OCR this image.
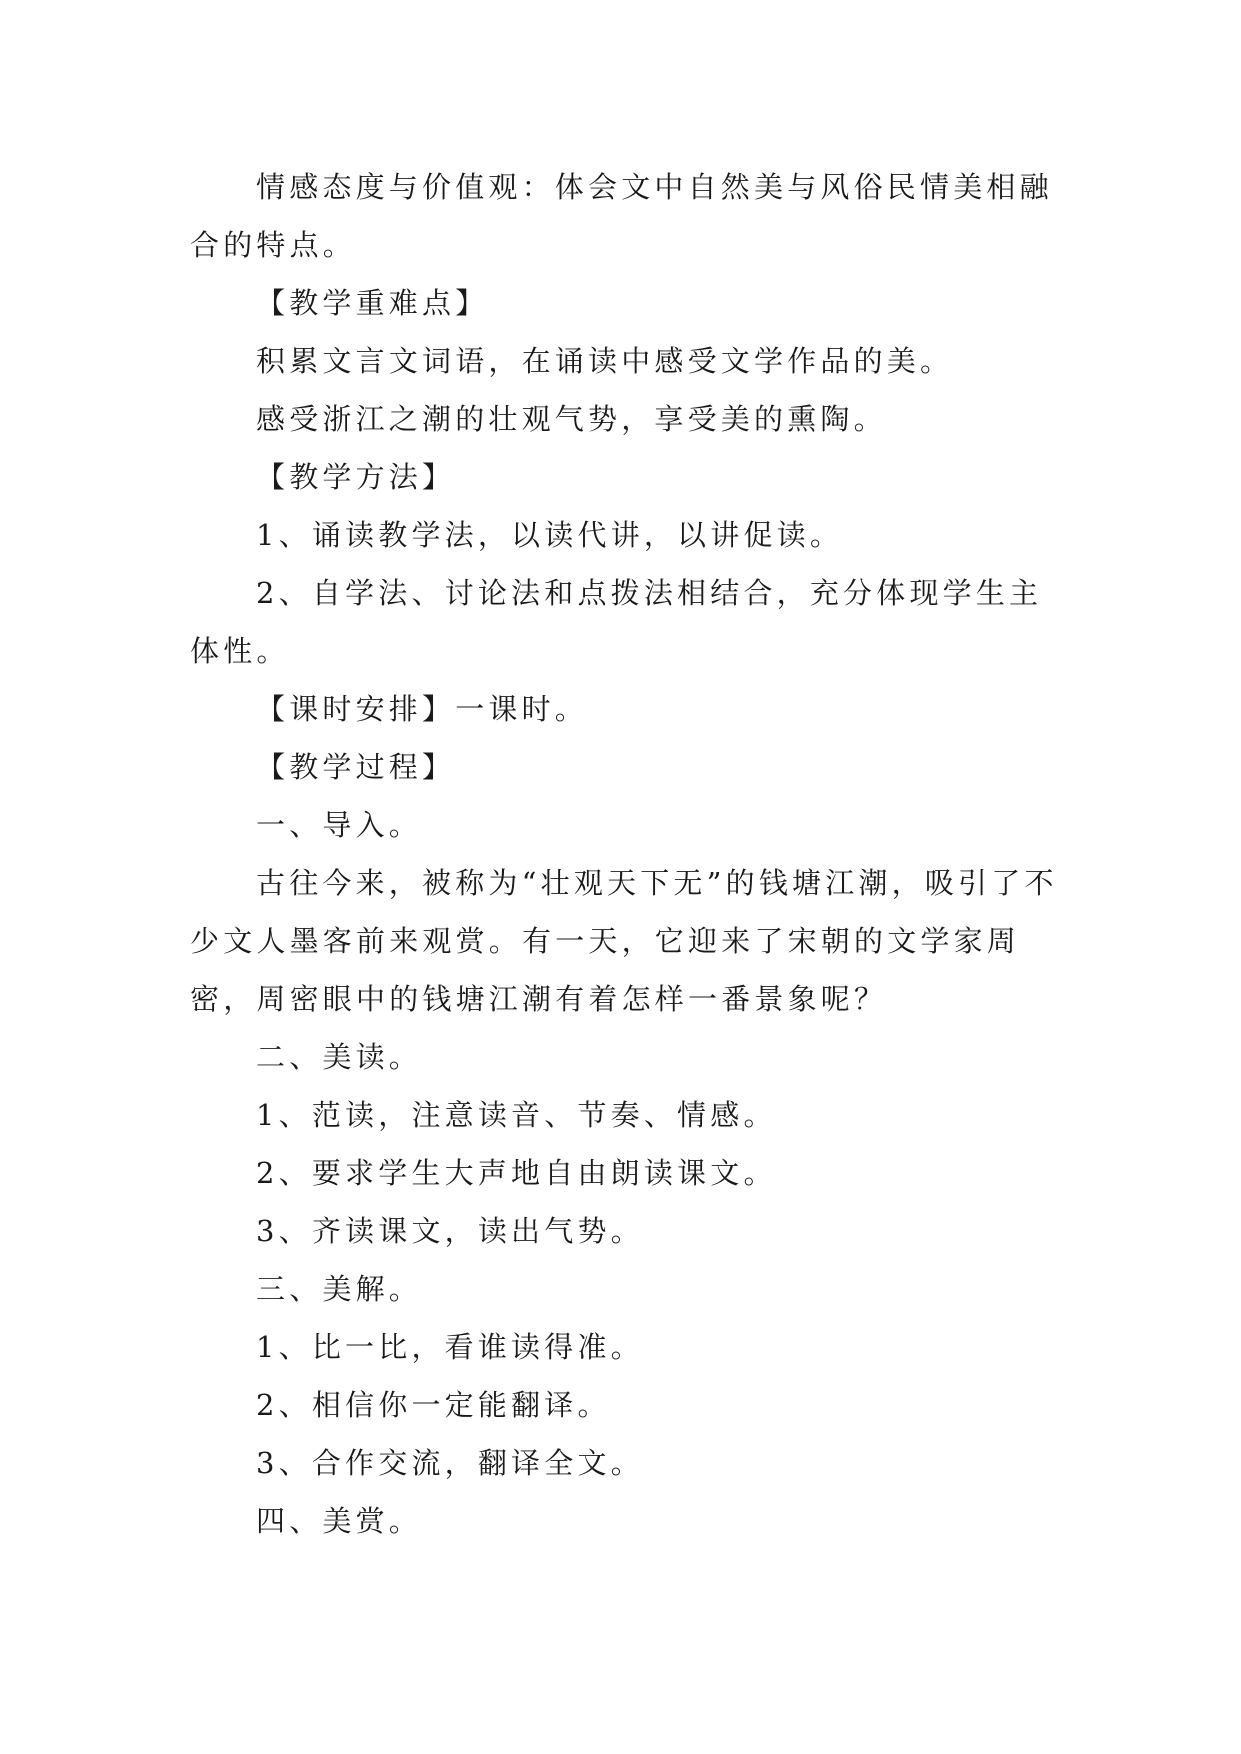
情感态度与价值观：体会文中自然美与风俗民情美相融合的特点。

【教学重难点】

积累文言文词语，在诵读中感受文学作品的美。

感受浙江之潮的壮观气势，享受美的熏陶。

【教学方法】

1、诵读教学法，以读代讲，以讲促读。

2、自学法、讨论法和点拨法相结合，充分体现学生主体性。

【课时安排】一课时。

【教学过程】

一、导入。

古往今来，被称为“壮观天下无”的钱塘江潮，吸引了不少文人墨客前来观赏。有一天，它迎来了宋朝的文学家周密，周密眼中的钱塘江潮有着怎样一番景象呢？

二、美读。

1、范读，注意读音、节奏、情感。

2、要求学生大声地自由朗读课文。

3、齐读课文，读出气势。

三、美解。

1、比一比，看谁读得准。

2、相信你一定能翻译。

3、合作交流，翻译全文。

四、美赏。
